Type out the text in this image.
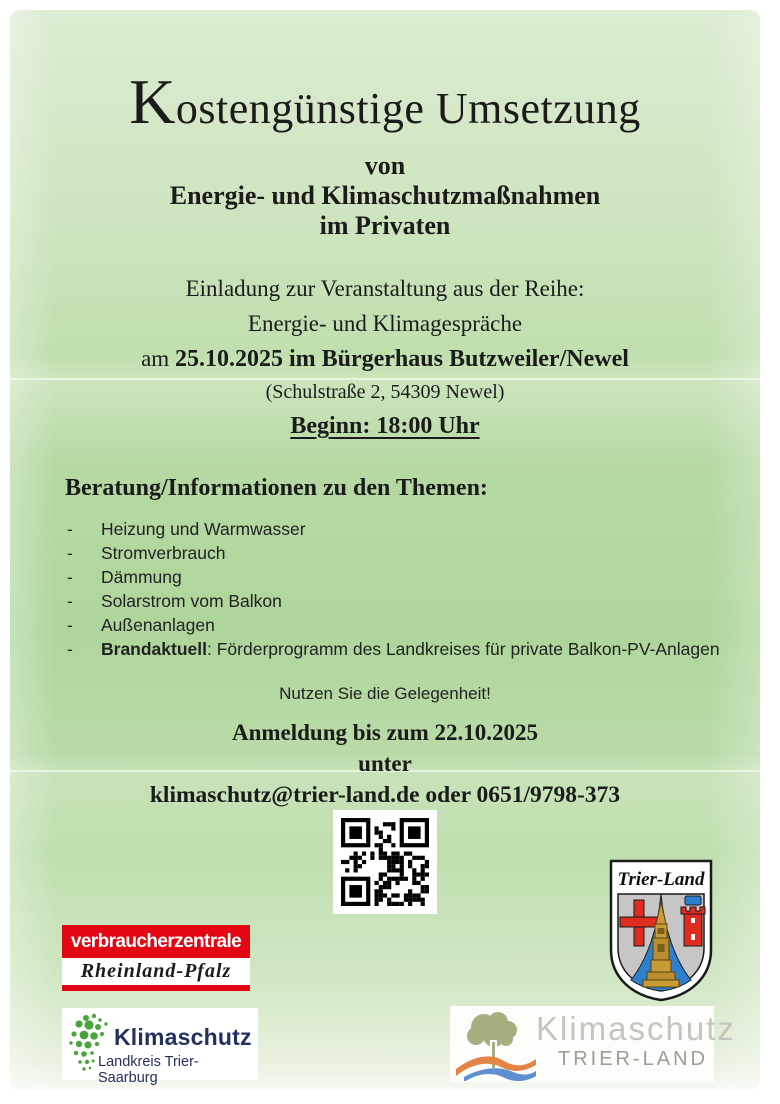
Kostengünstige Umsetzung
von
Energie- und Klimaschutzmaßnahmen
im Privaten
Einladung zur Veranstaltung aus der Reihe:
Energie- und Klimagespräche
am 25.10.2025 im Bürgerhaus Butzweiler/Newel
(Schulstraße 2, 54309 Newel)
Beginn: 18:00 Uhr
Beratung/Informationen zu den Themen:
- Heizung und Warmwasser
- Stromverbrauch
- Dämmung
- Solarstrom vom Balkon
- Außenanlagen
- Brandaktuell: Förderprogramm des Landkreises für private Balkon-PV-Anlagen
Nutzen Sie die Gelegenheit!
Anmeldung bis zum 22.10.2025
unter
klimaschutz@trier-land.de oder 0651/9798-373
verbraucherzentrale
Rheinland-Pfalz
Klimaschutz
Landkreis Trier-Saarburg
Trier-Land
Klimaschutz
TRIER-LAND
